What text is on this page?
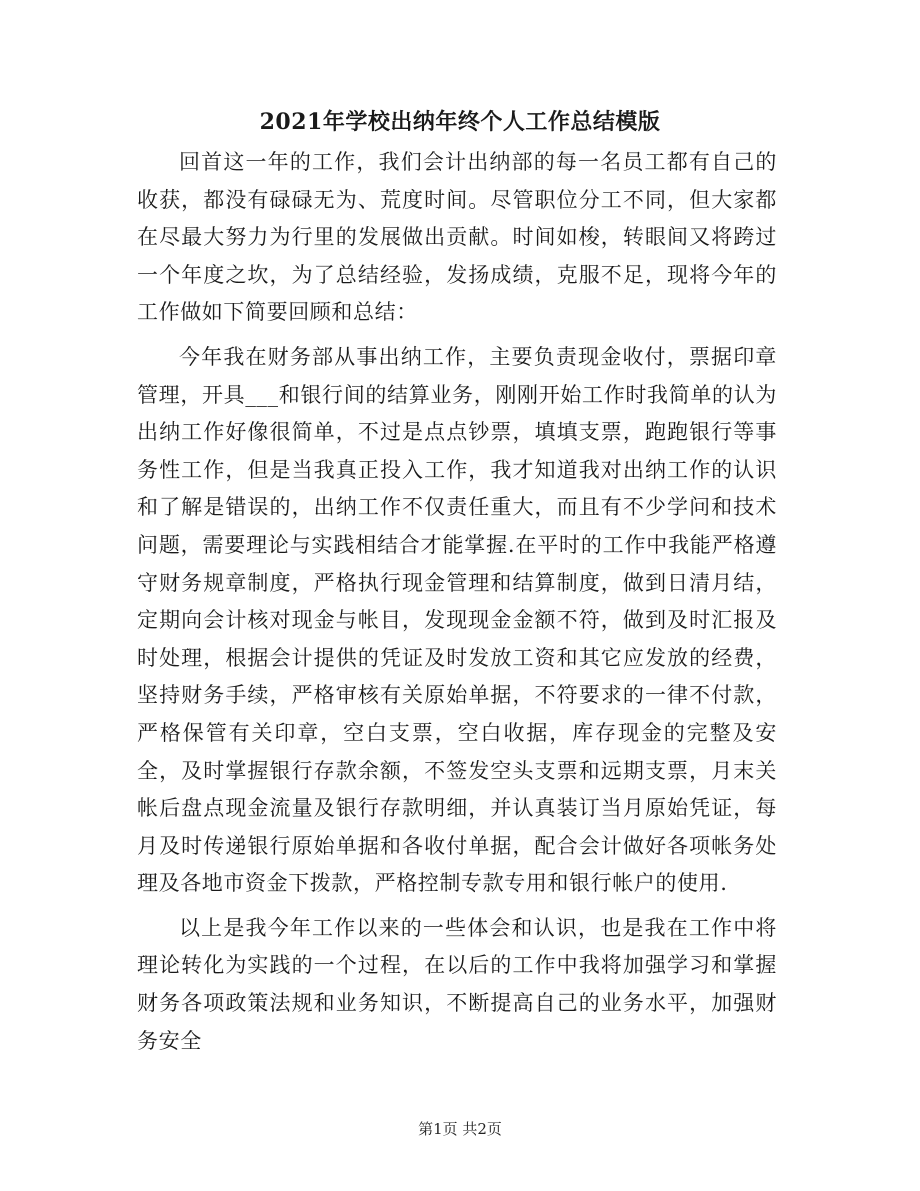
2021年学校出纳年终个人工作总结模版

回首这一年的工作，我们会计出纳部的每一名员工都有自己的收获，都没有碌碌无为、荒度时间。尽管职位分工不同，但大家都在尽最大努力为行里的发展做出贡献。时间如梭，转眼间又将跨过一个年度之坎，为了总结经验，发扬成绩，克服不足，现将今年的工作做如下简要回顾和总结：

今年我在财务部从事出纳工作，主要负责现金收付，票据印章管理，开具___和银行间的结算业务，刚刚开始工作时我简单的认为出纳工作好像很简单，不过是点点钞票，填填支票，跑跑银行等事务性工作，但是当我真正投入工作，我才知道我对出纳工作的认识和了解是错误的，出纳工作不仅责任重大，而且有不少学问和技术问题，需要理论与实践相结合才能掌握.在平时的工作中我能严格遵守财务规章制度，严格执行现金管理和结算制度，做到日清月结，定期向会计核对现金与帐目，发现现金金额不符，做到及时汇报及时处理，根据会计提供的凭证及时发放工资和其它应发放的经费，坚持财务手续，严格审核有关原始单据，不符要求的一律不付款，严格保管有关印章，空白支票，空白收据，库存现金的完整及安全，及时掌握银行存款余额，不签发空头支票和远期支票，月末关帐后盘点现金流量及银行存款明细，并认真装订当月原始凭证，每月及时传递银行原始单据和各收付单据，配合会计做好各项帐务处理及各地市资金下拨款，严格控制专款专用和银行帐户的使用.

以上是我今年工作以来的一些体会和认识，也是我在工作中将理论转化为实践的一个过程，在以后的工作中我将加强学习和掌握财务各项政策法规和业务知识，不断提高自己的业务水平，加强财务安全

第1页 共2页
